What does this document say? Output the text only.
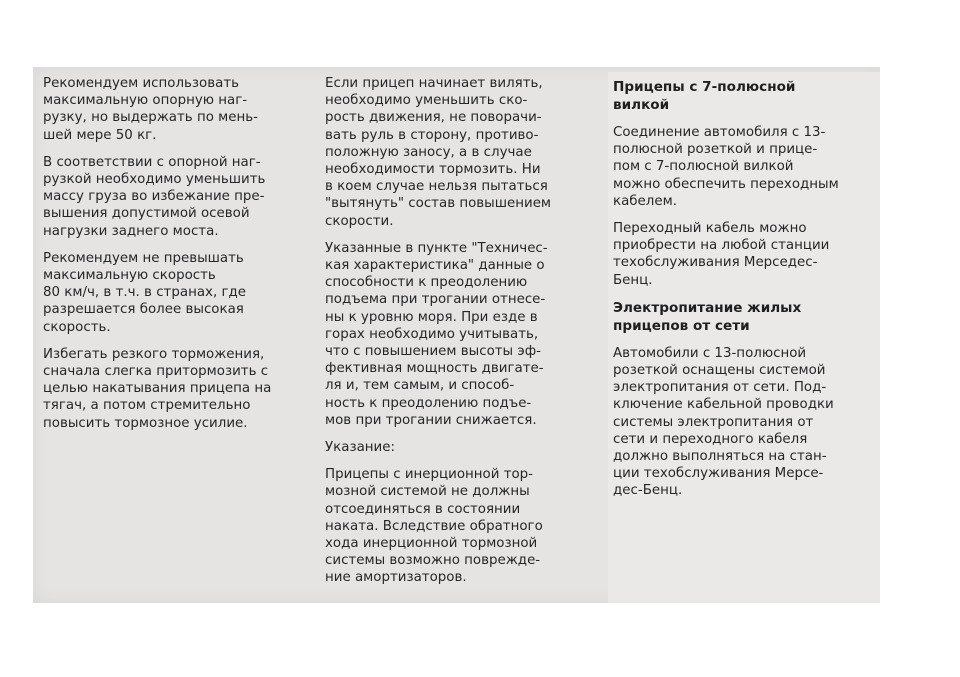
Рекомендуем использовать
максимальную опорную наг-
рузку, но выдержать по мень-
шей мере 50 кг.
В соответствии с опорной наг-
рузкой необходимо уменьшить
массу груза во избежание пре-
вышения допустимой осевой
нагрузки заднего моста.
Рекомендуем не превышать
максимальную скорость
80 км/ч, в т.ч. в странах, где
разрешается более высокая
скорость.
Избегать резкого торможения,
сначала слегка притормозить с
целью накатывания прицепа на
тягач, а потом стремительно
повысить тормозное усилие.
Если прицеп начинает вилять,
необходимо уменьшить ско-
рость движения, не поворачи-
вать руль в сторону, противо-
положную заносу, а в случае
необходимости тормозить. Ни
в коем случае нельзя пытаться
"вытянуть" состав повышением
скорости.
Указанные в пункте "Техничес-
кая характеристика" данные о
способности к преодолению
подъема при трогании отнесе-
ны к уровню моря. При езде в
горах необходимо учитывать,
что с повышением высоты эф-
фективная мощность двигате-
ля и, тем самым, и способ-
ность к преодолению подъе-
мов при трогании снижается.
Указание:
Прицепы с инерционной тор-
мозной системой не должны
отсоединяться в состоянии
наката. Вследствие обратного
хода инерционной тормозной
системы возможно поврежде-
ние амортизаторов.
Прицепы с 7-полюсной
вилкой
Соединение автомобиля с 13-
полюсной розеткой и прице-
пом с 7-полюсной вилкой
можно обеспечить переходным
кабелем.
Переходный кабель можно
приобрести на любой станции
техобслуживания Мерседес-
Бенц.
Электропитание жилых
прицепов от сети
Автомобили с 13-полюсной
розеткой оснащены системой
электропитания от сети. Под-
ключение кабельной проводки
системы электропитания от
сети и переходного кабеля
должно выполняться на стан-
ции техобслуживания Мерсе-
дес-Бенц.
